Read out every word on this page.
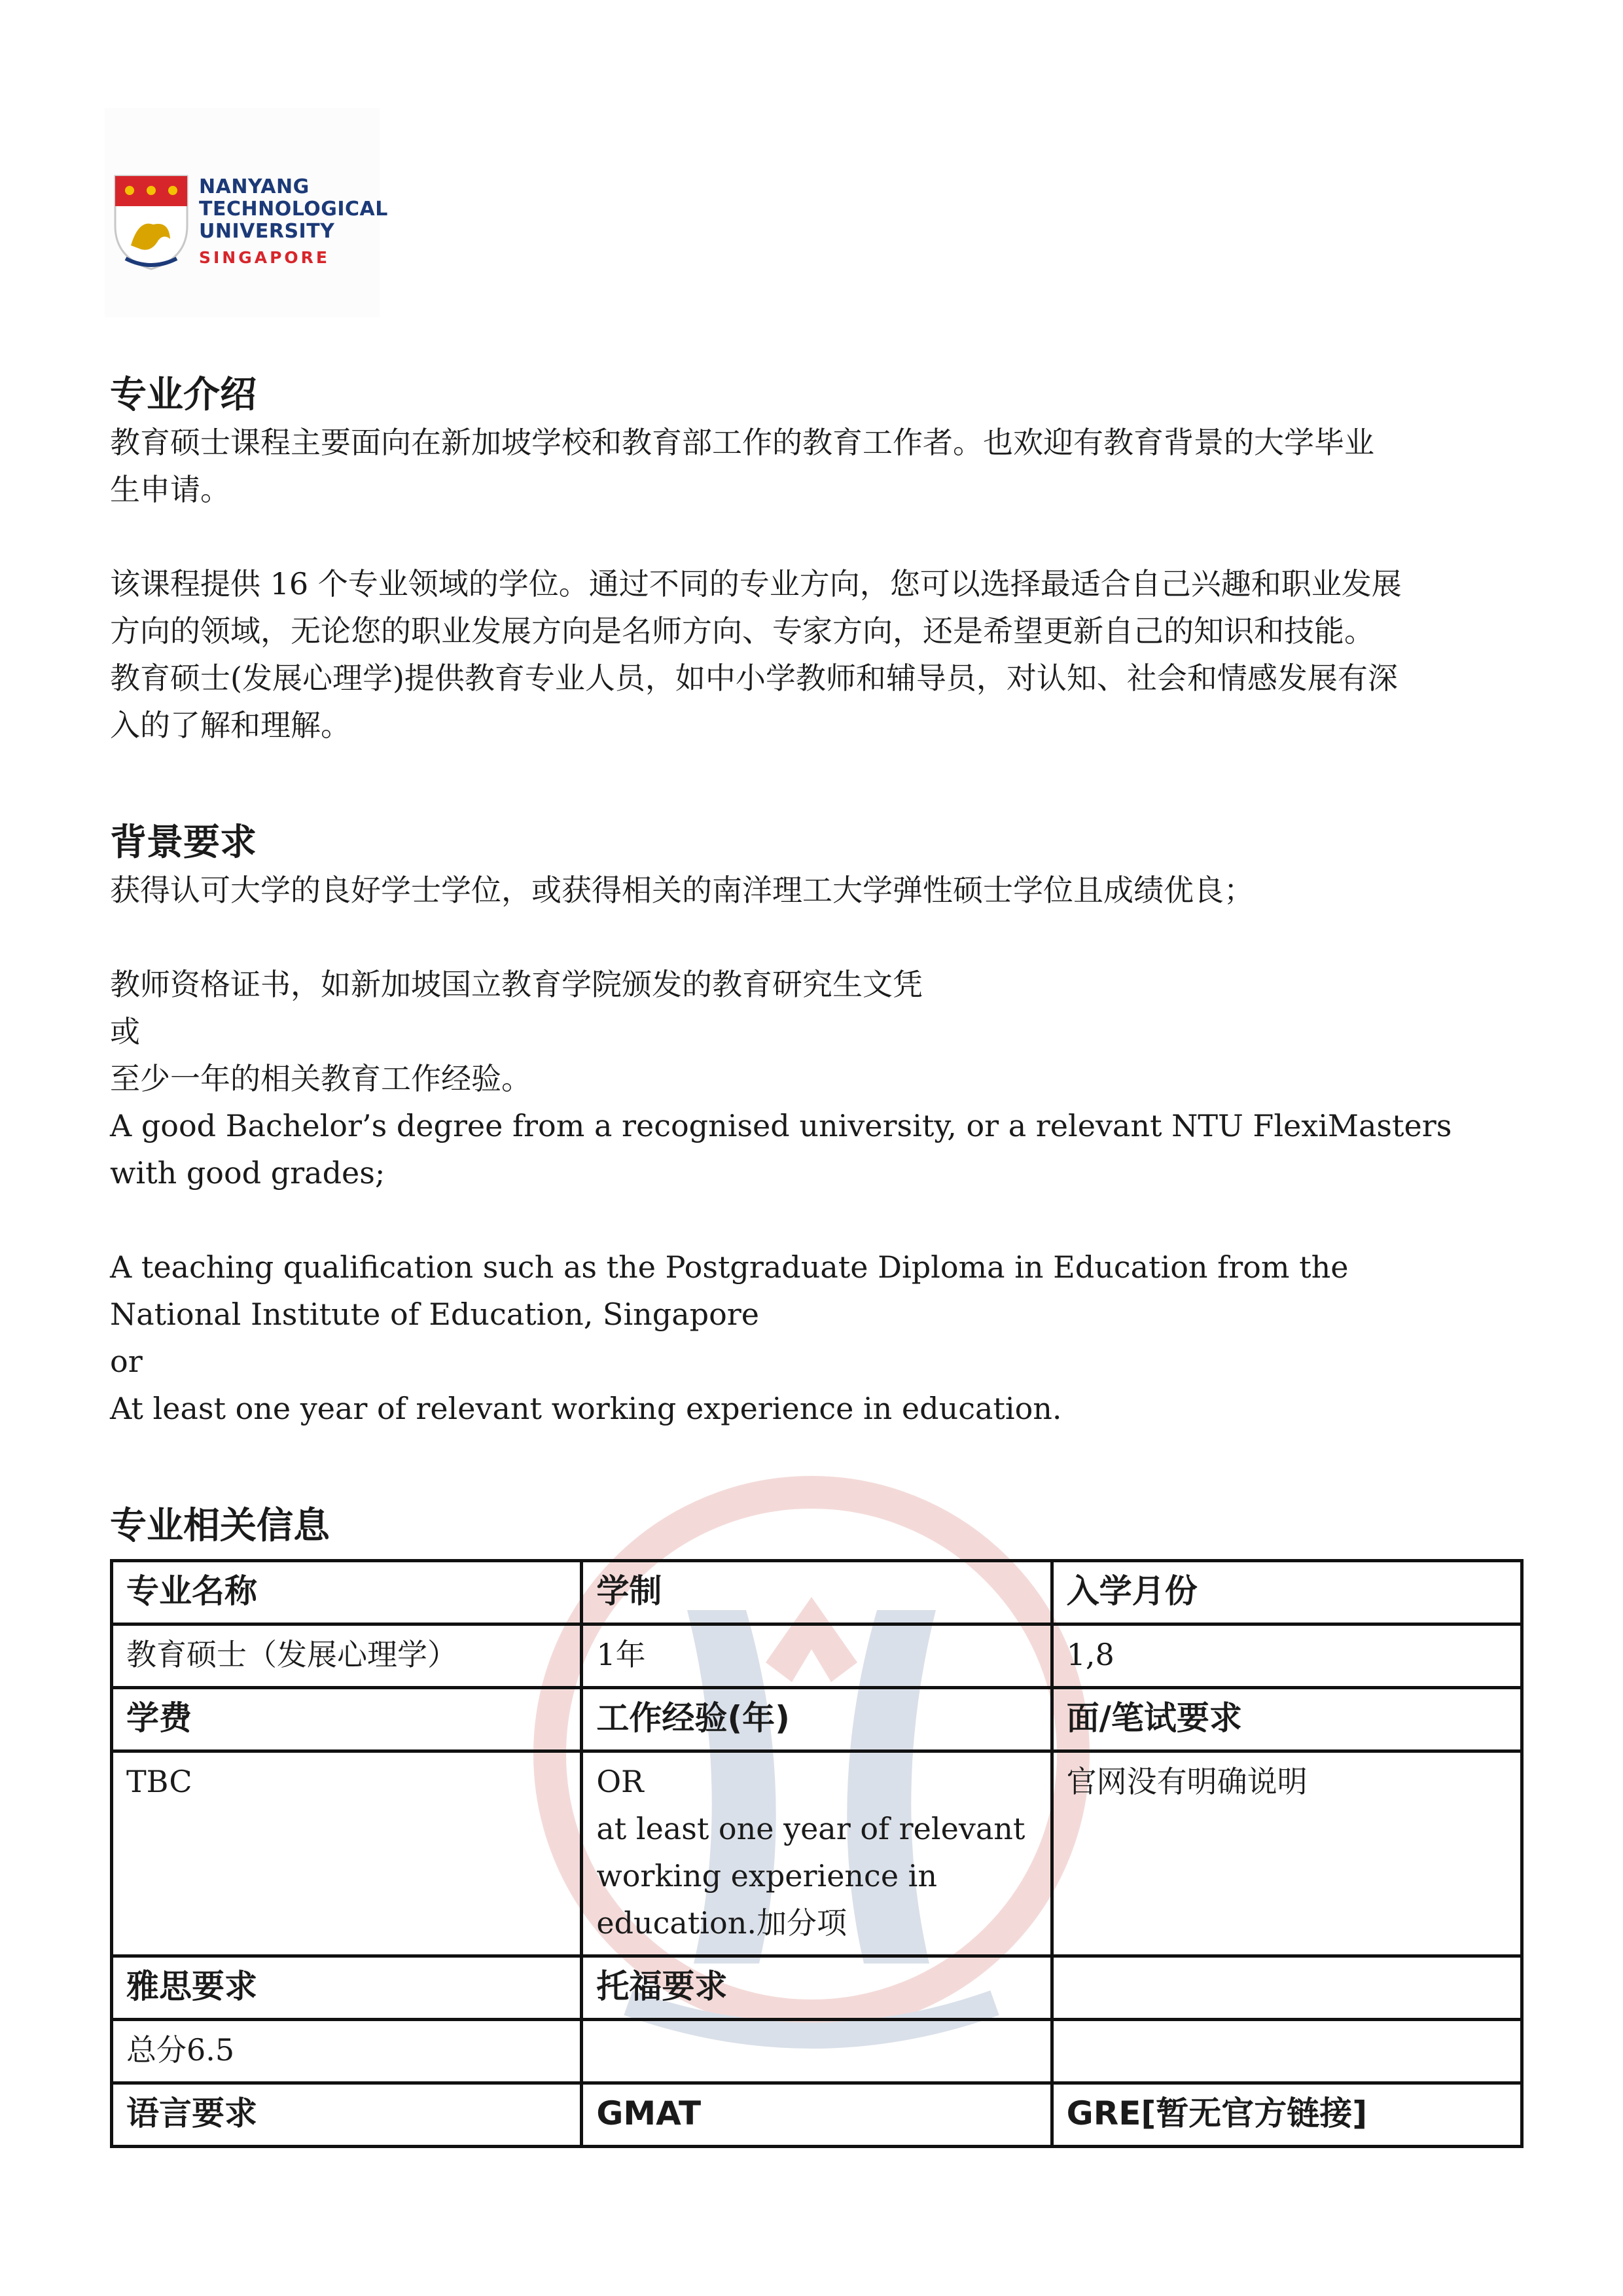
NANYANG
TECHNOLOGICAL
UNIVERSITY
SINGAPORE
专业介绍

教育硕士课程主要面向在新加坡学校和教育部工作的教育工作者。也欢迎有教育背景的大学毕业

生申请。

该课程提供 16 个专业领域的学位。通过不同的专业方向，您可以选择最适合自己兴趣和职业发展

方向的领域，无论您的职业发展方向是名师方向、专家方向，还是希望更新自己的知识和技能。

教育硕士(发展心理学)提供教育专业人员，如中小学教师和辅导员，对认知、社会和情感发展有深

入的了解和理解。

背景要求

获得认可大学的良好学士学位，或获得相关的南洋理工大学弹性硕士学位且成绩优良；

教师资格证书，如新加坡国立教育学院颁发的教育研究生文凭

或

至少一年的相关教育工作经验。

A good Bachelor’s degree from a recognised university, or a relevant NTU FlexiMasters

with good grades;

A teaching qualification such as the Postgraduate Diploma in Education from the

National Institute of Education, Singapore

or

At least one year of relevant working experience in education.

专业相关信息
专业名称	学制	入学月份
教育硕士（发展心理学）	1年	1,8
学费	工作经验(年)	面/笔试要求
TBC	OR
at least one year of relevant
working experience in
education.加分项	官网没有明确说明
雅思要求	托福要求	
总分6.5		
语言要求	GMAT	GRE[暂无官方链接]
